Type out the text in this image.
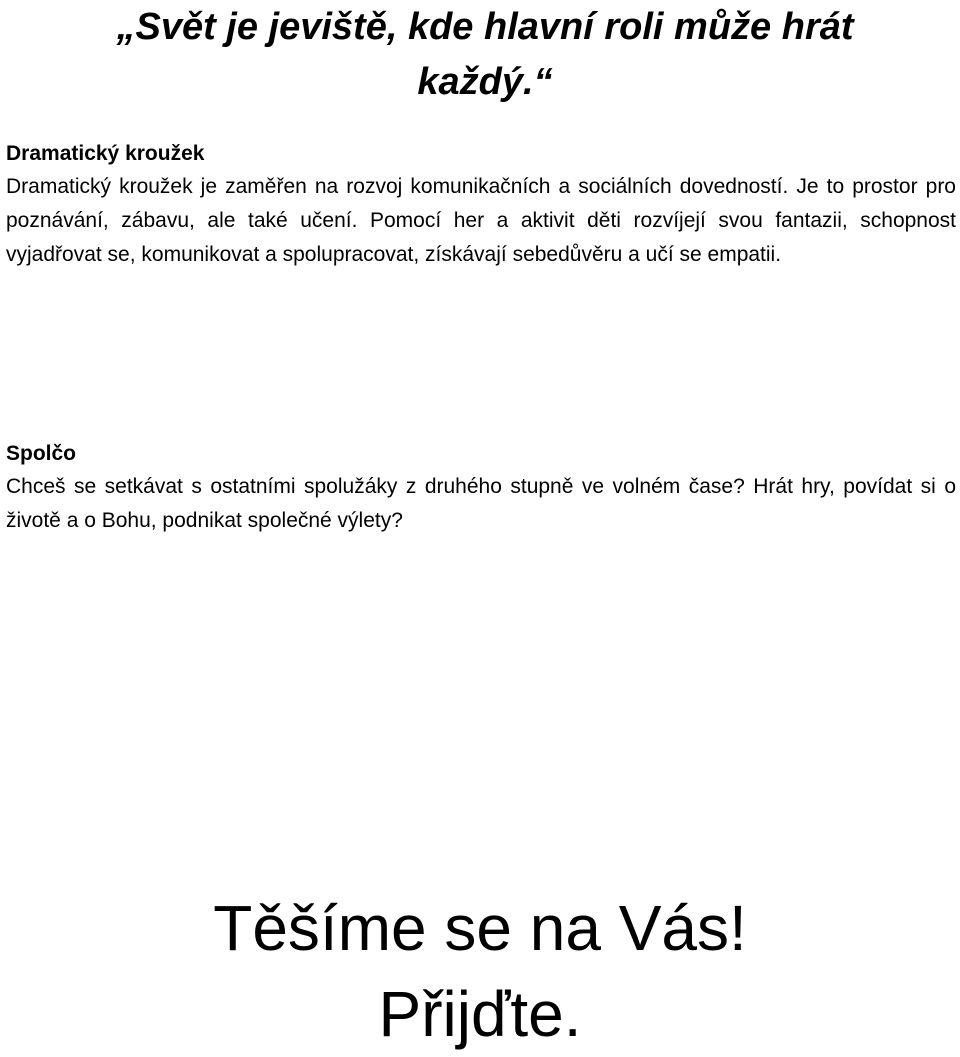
„Svět je jeviště, kde hlavní roli může hrát každý.“
Dramatický kroužek

Dramatický kroužek je zaměřen na rozvoj komunikačních a sociálních dovedností. Je to prostor pro poznávání, zábavu, ale také učení. Pomocí her a aktivit děti rozvíjejí svou fantazii, schopnost vyjadřovat se, komunikovat a spolupracovat, získávají sebedůvěru a učí se empatii.

Spolčo

Chceš se setkávat s ostatními spolužáky z druhého stupně ve volném čase? Hrát hry, povídat si o životě a o Bohu, podnikat společné výlety?

Těšíme se na Vás!
Přijďte.
